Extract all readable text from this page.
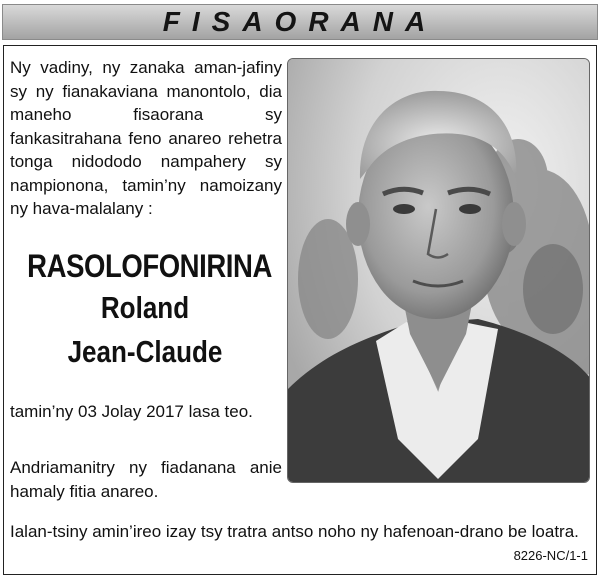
FISAORANA
Ny vadiny, ny zanaka aman-jafiny sy ny fianakaviana manontolo, dia maneho fisaorana sy fankasitrahana feno anareo rehetra tonga nidododo nampahery sy nampionona, tamin’ny namoizany ny hava-malalany :
RASOLOFONIRINA
Roland
Jean-Claude
tamin’ny 03 Jolay 2017 lasa teo.
Andriamanitry ny fiadanana anie hamaly fitia anareo.
Ialan-tsiny amin’ireo izay tsy tratra antso noho ny hafenoan-drano be loatra.
8226-NC/1-1
